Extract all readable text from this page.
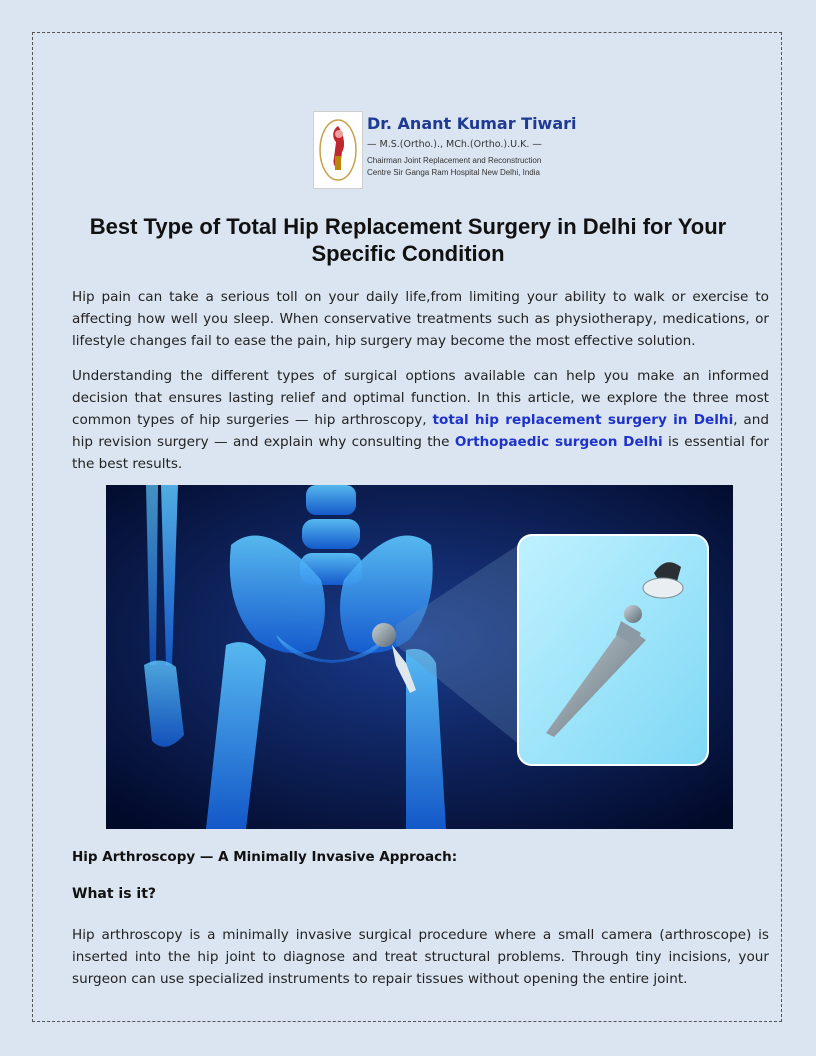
Dr. Anant Kumar Tiwari
— M.S.(Ortho.)., MCh.(Ortho.).U.K. —
Chairman Joint Replacement and Reconstruction
Centre Sir Ganga Ram Hospital New Delhi, India
Best Type of Total Hip Replacement Surgery in Delhi for Your Specific Condition

Hip pain can take a serious toll on your daily life,from limiting your ability to walk or exercise to affecting how well you sleep. When conservative treatments such as physiotherapy, medications, or lifestyle changes fail to ease the pain, hip surgery may become the most effective solution.

Understanding the different types of surgical options available can help you make an informed decision that ensures lasting relief and optimal function. In this article, we explore the three most common types of hip surgeries — hip arthroscopy, total hip replacement surgery in Delhi, and hip revision surgery — and explain why consulting the Orthopaedic surgeon Delhi is essential for the best results.

Hip Arthroscopy — A Minimally Invasive Approach:
What is it?

Hip arthroscopy is a minimally invasive surgical procedure where a small camera (arthroscope) is inserted into the hip joint to diagnose and treat structural problems. Through tiny incisions, your surgeon can use specialized instruments to repair tissues without opening the entire joint.
